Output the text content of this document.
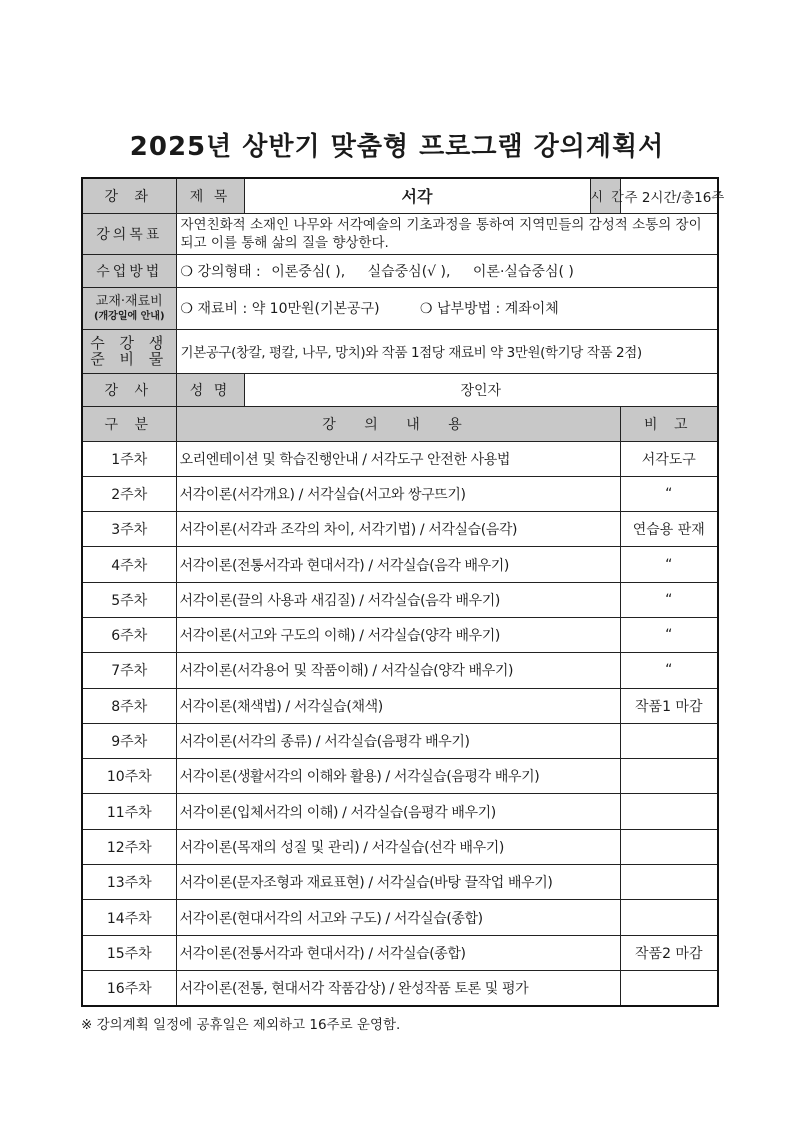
2025년 상반기 맞춤형 프로그램 강의계획서
강 좌	제 목	서각	시 간	주 2시간/총16주
강의목표	자연친화적 소재인 나무와 서각예술의 기초과정을 통하여 지역민들의 감성적 소통의 장이 되고 이를 통해 삶의 질을 향상한다.			
수업방법	❍ 강의형태 : 이론중심( ), 실습중심(√ ), 이론·실습중심( )			

교재·재료비
(개강일에 안내)	❍ 재료비 : 약 10만원(기본공구) ❍ 납부방법 : 계좌이체			

수 강 생
준 비 물	기본공구(창칼, 평칼, 나무, 망치)와 작품 1점당 재료비 약 3만원(학기당 작품 2점)			
강 사	성 명	장인자		
구 분	강 의 내 용			비 고
1주차	오리엔테이션 및 학습진행안내 / 서각도구 안전한 사용법			서각도구
2주차	서각이론(서각개요) / 서각실습(서고와 쌍구뜨기)			“
3주차	서각이론(서각과 조각의 차이, 서각기법) / 서각실습(음각)			연습용 판재
4주차	서각이론(전통서각과 현대서각) / 서각실습(음각 배우기)			“
5주차	서각이론(끌의 사용과 새김질) / 서각실습(음각 배우기)			“
6주차	서각이론(서고와 구도의 이해) / 서각실습(양각 배우기)			“
7주차	서각이론(서각용어 및 작품이해) / 서각실습(양각 배우기)			“
8주차	서각이론(채색법) / 서각실습(채색)			작품1 마감
9주차	서각이론(서각의 종류) / 서각실습(음평각 배우기)			
10주차	서각이론(생활서각의 이해와 활용) / 서각실습(음평각 배우기)			
11주차	서각이론(입체서각의 이해) / 서각실습(음평각 배우기)			
12주차	서각이론(목재의 성질 및 관리) / 서각실습(선각 배우기)			
13주차	서각이론(문자조형과 재료표현) / 서각실습(바탕 끌작업 배우기)			
14주차	서각이론(현대서각의 서고와 구도) / 서각실습(종합)			
15주차	서각이론(전통서각과 현대서각) / 서각실습(종합)			작품2 마감
16주차	서각이론(전통, 현대서각 작품감상) / 완성작품 토론 및 평가			
※ 강의계획 일정에 공휴일은 제외하고 16주로 운영함.
